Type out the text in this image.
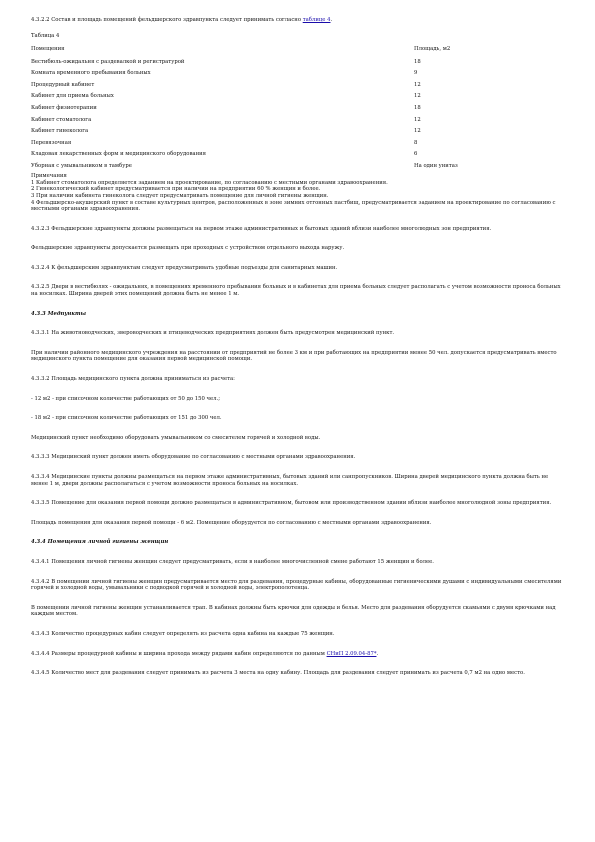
4.3.2.2 Состав и площадь помещений фельдшерского здравпункта следует принимать согласно таблице 4.

Таблица 4

Помещения	Площадь, м2
Вестибюль-ожидальня с раздевалкой и регистратурой	18
Комната временного пребывания больных	9
Процедурный кабинет	12
Кабинет для приема больных	12
Кабинет физиотерапии	18
Кабинет стоматолога	12
Кабинет гинеколога	12
Перевязочная	8
Кладовая лекарственных форм и медицинского оборудования	6
Уборная с умывальником в тамбуре	На один унитаз

Примечания

1 Кабинет стоматолога определяется заданием на проектирование, по согласованию с местными органами здравоохранения.

2 Гинекологический кабинет предусматривается при наличии на предприятии 60 % женщин и более.

3 При наличии кабинета гинеколога следует предусматривать помещение для личной гигиены женщин.

4 Фельдшерско-акушерский пункт в составе культурных центров, расположенных в зоне зимних отгонных пастбищ, предусматривается заданием на проектирование по согласованию с местными органами здравоохранения.

4.3.2.3 Фельдшерские здравпункты должны размещаться на первом этаже административных и бытовых зданий вблизи наиболее многолюдных зон предприятия.

Фельдшерские здравпункты допускается размещать при проходных с устройством отдельного выхода наружу.

4.3.2.4 К фельдшерским здравпунктам следует предусматривать удобные подъезды для санитарных машин.

4.3.2.5 Двери в вестибюлях - ожидальнях, в помещениях временного пребывания больных и в кабинетах для приема больных следует располагать с учетом возможности проноса больных на носилках. Ширина дверей этих помещений должна быть не менее 1 м.

4.3.3 Медпункты

4.3.3.1 На животноводческих, звероводческих и птицеводческих предприятиях должен быть предусмотрен медицинский пункт.

При наличии районного медицинского учреждения на расстоянии от предприятий не более 3 км и при работающих на предприятии менее 50 чел. допускается предусматривать вместо медицинского пункта помещение для оказания первой медицинской помощи.

4.3.3.2 Площадь медицинского пункта должна приниматься из расчета:

- 12 м2 - при списочном количестве работающих от 50 до 150 чел.;

- 18 м2 - при списочном количестве работающих от 151 до 300 чел.

Медицинский пункт необходимо оборудовать умывальником со смесителем горячей и холодной воды.

4.3.3.3 Медицинский пункт должен иметь оборудование по согласованию с местными органами здравоохранения.

4.3.3.4 Медицинские пункты должны размещаться на первом этаже административных, бытовых зданий или санпропускников. Ширина дверей медицинского пункта должна быть не менее 1 м, двери должны располагаться с учетом возможности проноса больных на носилках.

4.3.3.5 Помещение для оказания первой помощи должно размещаться в административном, бытовом или производственном здании вблизи наиболее многолюдной зоны предприятия.

Площадь помещения для оказания первой помощи - 6 м2. Помещение оборудуется по согласованию с местными органами здравоохранения.

4.3.4 Помещения личной гигиены женщин

4.3.4.1 Помещения личной гигиены женщин следует предусматривать, если в наиболее многочисленной смене работают 15 женщин и более.

4.3.4.2 В помещении личной гигиены женщин предусматривается место для раздевания, процедурные кабины, оборудованные гигиеническими душами с индивидуальными смесителями горячей и холодной воды, умывальники с подводкой горячей и холодной воды, электрополотенца.

В помещении личной гигиены женщин устанавливается трап. В кабинах должны быть крючки для одежды и белья. Место для раздевания оборудуется скамьями с двумя крючками над каждым местом.

4.3.4.3 Количество процедурных кабин следует определять из расчета одна кабина на каждые 75 женщин.

4.3.4.4 Размеры процедурной кабины и ширина прохода между рядами кабин определяются по данным СНиП 2.09.04-87*.

4.3.4.5 Количество мест для раздевания следует принимать из расчета 3 места на одну кабину. Площадь для раздевания следует принимать из расчета 0,7 м2 на одно место.
